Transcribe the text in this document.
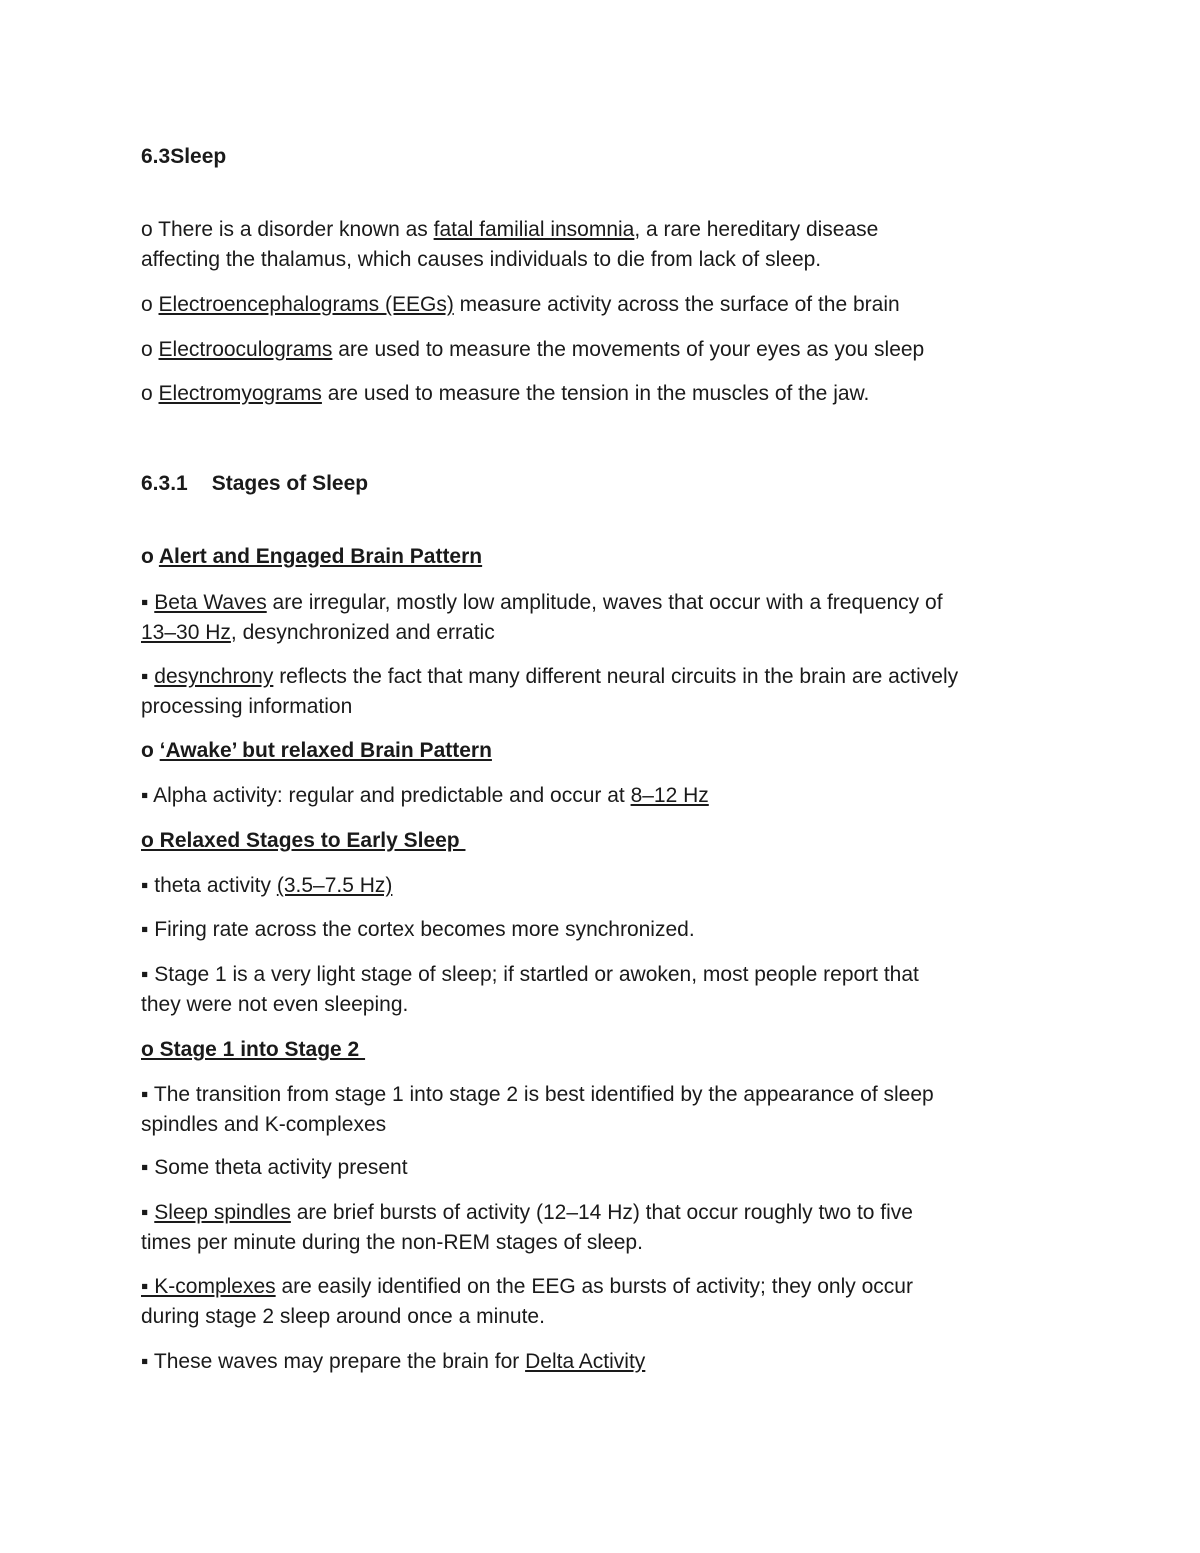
6.3Sleep
o There is a disorder known as fatal familial insomnia, a rare hereditary disease
affecting the thalamus, which causes individuals to die from lack of sleep.
o Electroencephalograms (EEGs) measure activity across the surface of the brain
o Electrooculograms are used to measure the movements of your eyes as you sleep
o Electromyograms are used to measure the tension in the muscles of the jaw.
6.3.1 Stages of Sleep
o Alert and Engaged Brain Pattern
▪ Beta Waves are irregular, mostly low amplitude, waves that occur with a frequency of
13–30 Hz, desynchronized and erratic
▪ desynchrony reflects the fact that many different neural circuits in the brain are actively
processing information
o ‘Awake’ but relaxed Brain Pattern
▪ Alpha activity: regular and predictable and occur at 8–12 Hz
o Relaxed Stages to Early Sleep
▪ theta activity (3.5–7.5 Hz)
▪ Firing rate across the cortex becomes more synchronized.
▪ Stage 1 is a very light stage of sleep; if startled or awoken, most people report that
they were not even sleeping.
o Stage 1 into Stage 2
▪ The transition from stage 1 into stage 2 is best identified by the appearance of sleep
spindles and K-complexes
▪ Some theta activity present
▪ Sleep spindles are brief bursts of activity (12–14 Hz) that occur roughly two to five
times per minute during the non-REM stages of sleep.
▪ K-complexes are easily identified on the EEG as bursts of activity; they only occur
during stage 2 sleep around once a minute.
▪ These waves may prepare the brain for Delta Activity
